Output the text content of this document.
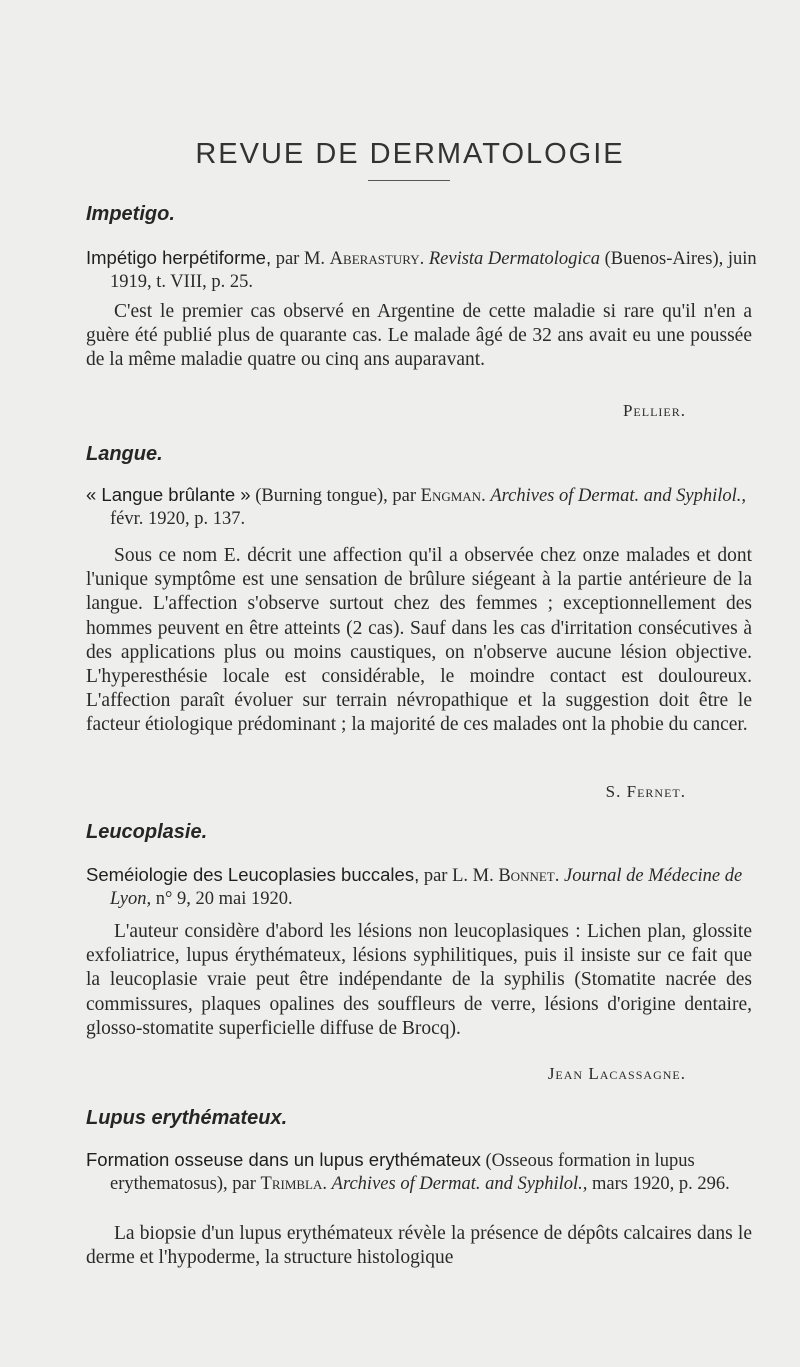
REVUE DE DERMATOLOGIE
Impetigo.
Impétigo herpétiforme, par M. Aberastury. Revista Dermatologica (Buenos-Aires), juin 1919, t. VIII, p. 25.
C'est le premier cas observé en Argentine de cette maladie si rare qu'il n'en a guère été publié plus de quarante cas. Le malade âgé de 32 ans avait eu une poussée de la même maladie quatre ou cinq ans auparavant.
Pellier.
Langue.
« Langue brûlante » (Burning tongue), par Engman. Archives of Dermat. and Syphilol., févr. 1920, p. 137.
Sous ce nom E. décrit une affection qu'il a observée chez onze malades et dont l'unique symptôme est une sensation de brûlure siégeant à la partie antérieure de la langue. L'affection s'observe surtout chez des femmes ; exceptionnellement des hommes peuvent en être atteints (2 cas). Sauf dans les cas d'irritation consécutives à des applications plus ou moins caustiques, on n'observe aucune lésion objective. L'hyperesthésie locale est considérable, le moindre contact est douloureux. L'affection paraît évoluer sur terrain névropathique et la suggestion doit être le facteur étiologique prédominant ; la majorité de ces malades ont la phobie du cancer.
S. Fernet.
Leucoplasie.
Seméiologie des Leucoplasies buccales, par L. M. Bonnet. Journal de Médecine de Lyon, n° 9, 20 mai 1920.
L'auteur considère d'abord les lésions non leucoplasiques : Lichen plan, glossite exfoliatrice, lupus érythémateux, lésions syphilitiques, puis il insiste sur ce fait que la leucoplasie vraie peut être indépendante de la syphilis (Stomatite nacrée des commissures, plaques opalines des souffleurs de verre, lésions d'origine dentaire, glosso-stomatite superficielle diffuse de Brocq).
Jean Lacassagne.
Lupus erythémateux.
Formation osseuse dans un lupus erythémateux (Osseous formation in lupus erythematosus), par Trimbla. Archives of Dermat. and Syphilol., mars 1920, p. 296.
La biopsie d'un lupus erythémateux révèle la présence de dépôts calcaires dans le derme et l'hypoderme, la structure histologique
